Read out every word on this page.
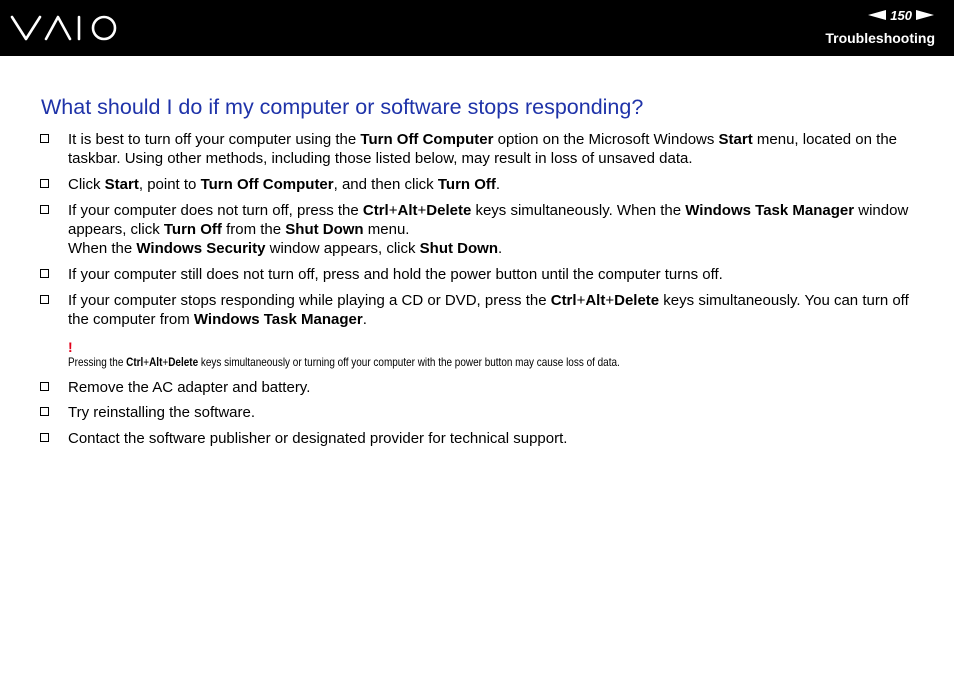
150
Troubleshooting
What should I do if my computer or software stops responding?
It is best to turn off your computer using the Turn Off Computer option on the Microsoft Windows Start menu, located on the taskbar. Using other methods, including those listed below, may result in loss of unsaved data.
Click Start, point to Turn Off Computer, and then click Turn Off.
If your computer does not turn off, press the Ctrl+Alt+Delete keys simultaneously. When the Windows Task Manager window appears, click Turn Off from the Shut Down menu.
When the Windows Security window appears, click Shut Down.
If your computer still does not turn off, press and hold the power button until the computer turns off.
If your computer stops responding while playing a CD or DVD, press the Ctrl+Alt+Delete keys simultaneously. You can turn off the computer from Windows Task Manager.
!
Pressing the Ctrl+Alt+Delete keys simultaneously or turning off your computer with the power button may cause loss of data.
Remove the AC adapter and battery.
Try reinstalling the software.
Contact the software publisher or designated provider for technical support.
